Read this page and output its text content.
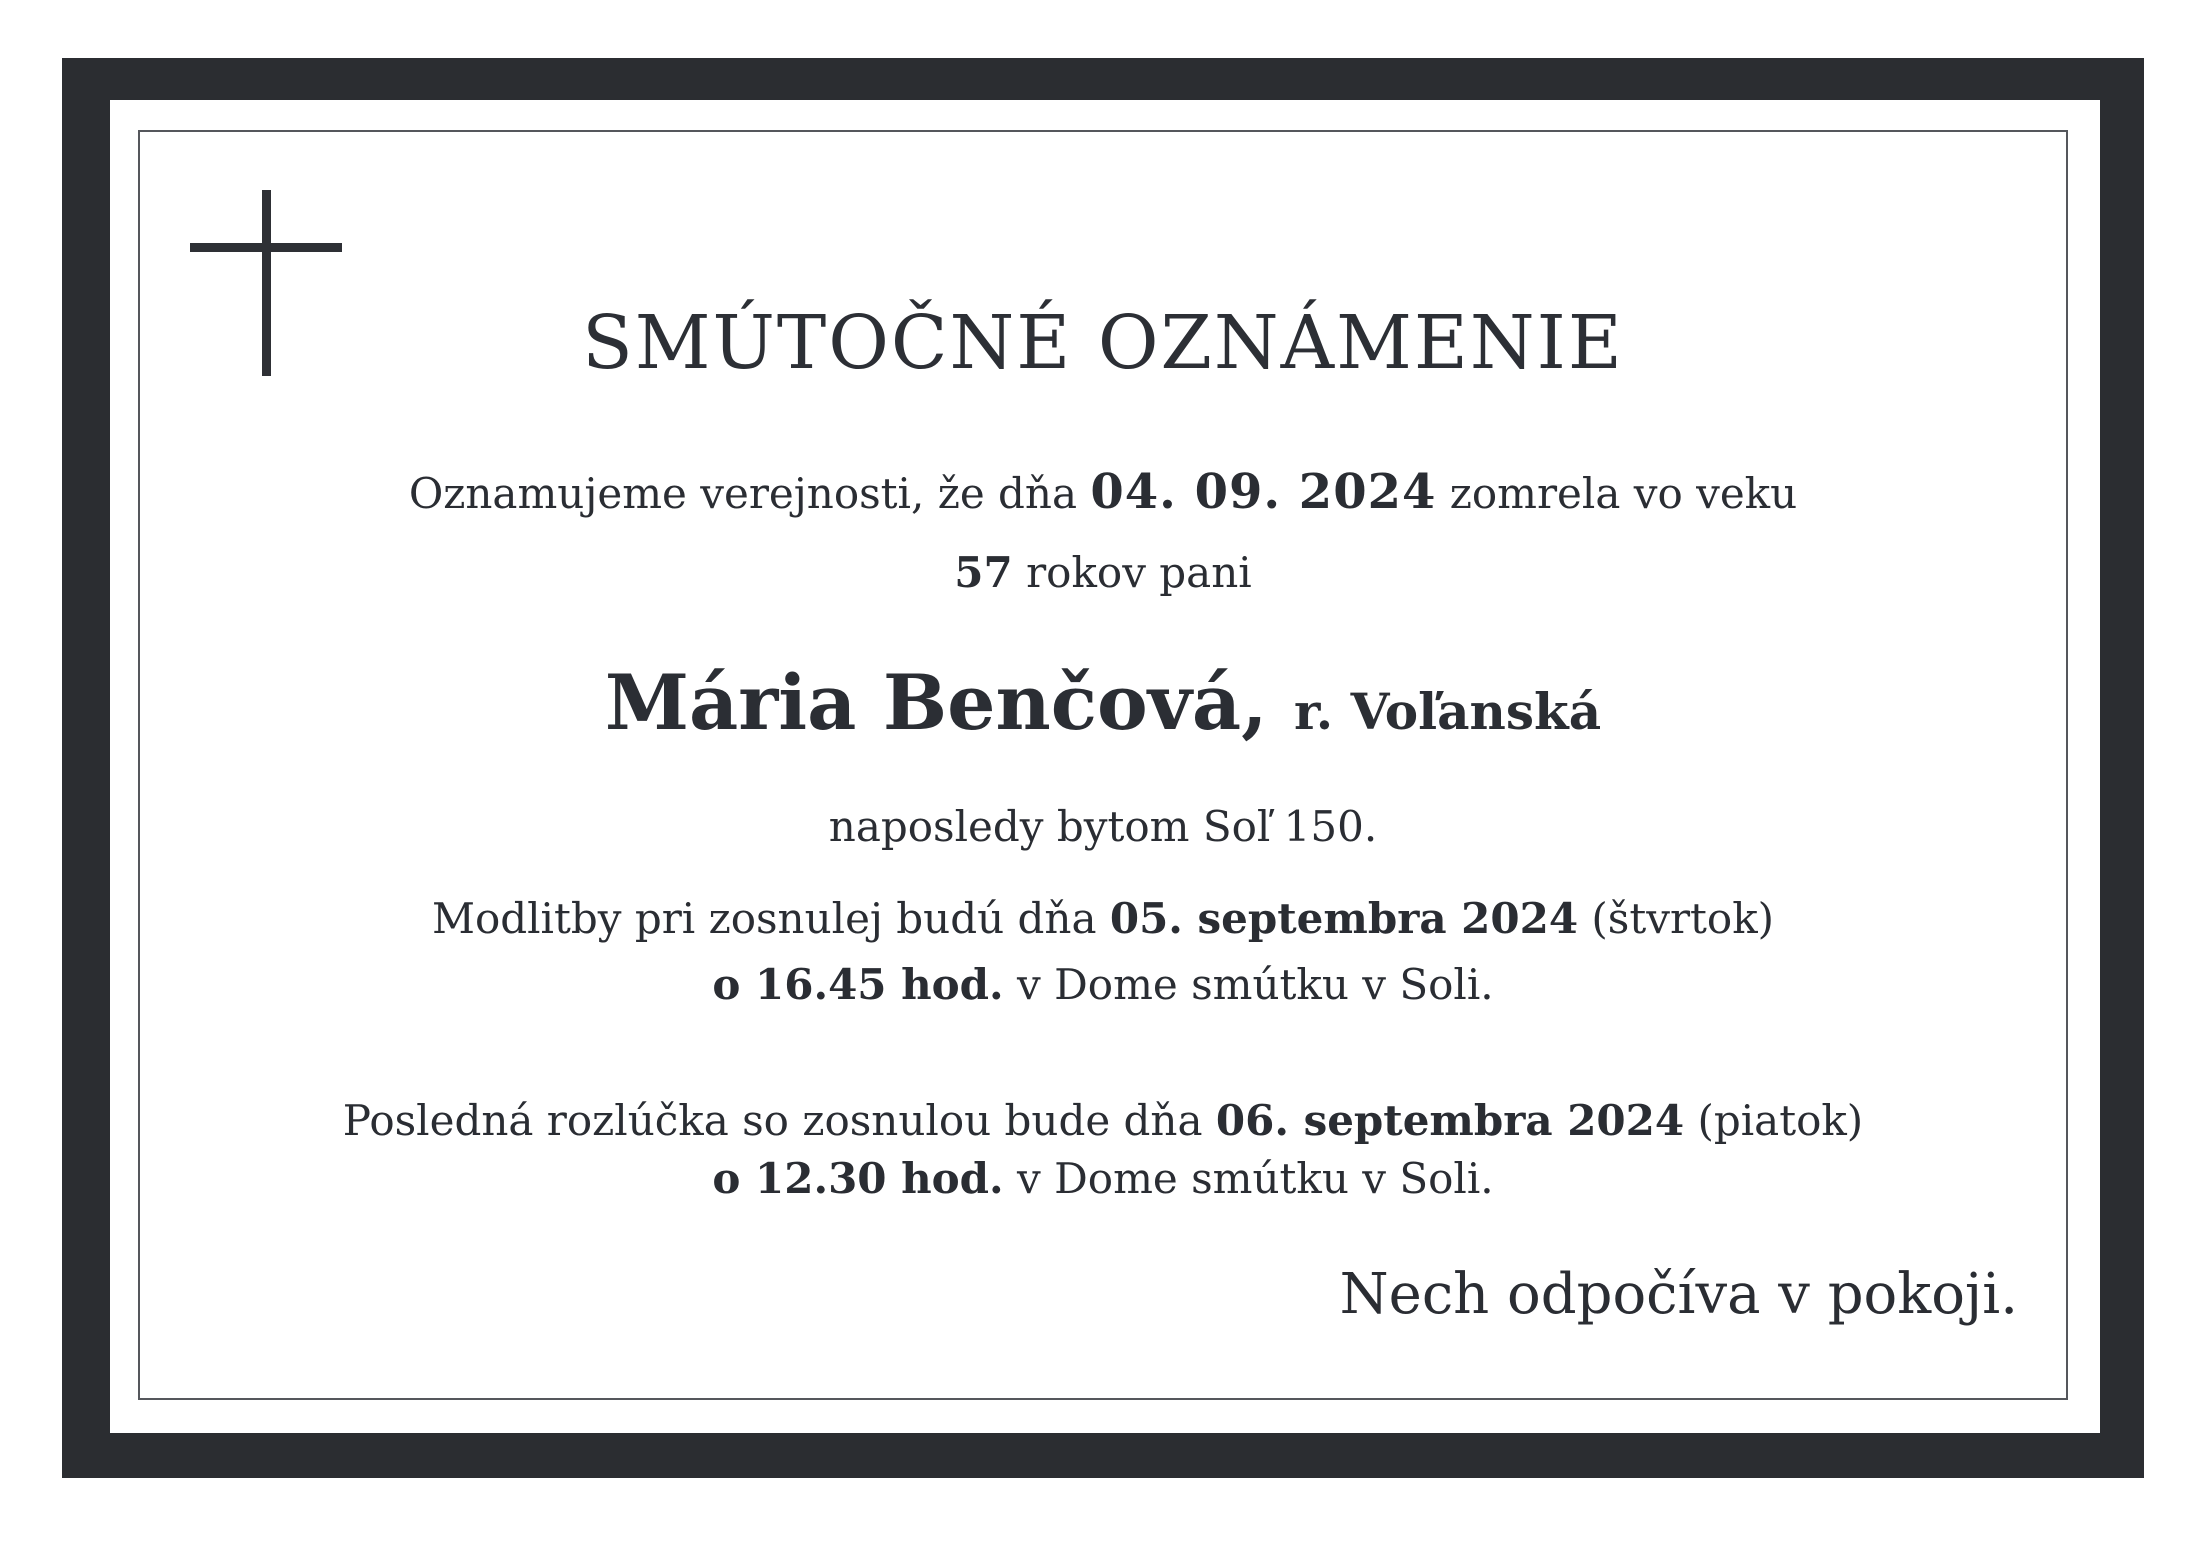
SMÚTOČNÉ OZNÁMENIE
Oznamujeme verejnosti, že dňa 04. 09. 2024 zomrela vo veku
57 rokov pani
Mária Benčová, r. Voľanská
naposledy bytom Soľ 150.
Modlitby pri zosnulej budú dňa 05. septembra 2024 (štvrtok)
o 16.45 hod. v Dome smútku v Soli.
Posledná rozlúčka so zosnulou bude dňa 06. septembra 2024 (piatok)
o 12.30 hod. v Dome smútku v Soli.
Nech odpočíva v pokoji.
